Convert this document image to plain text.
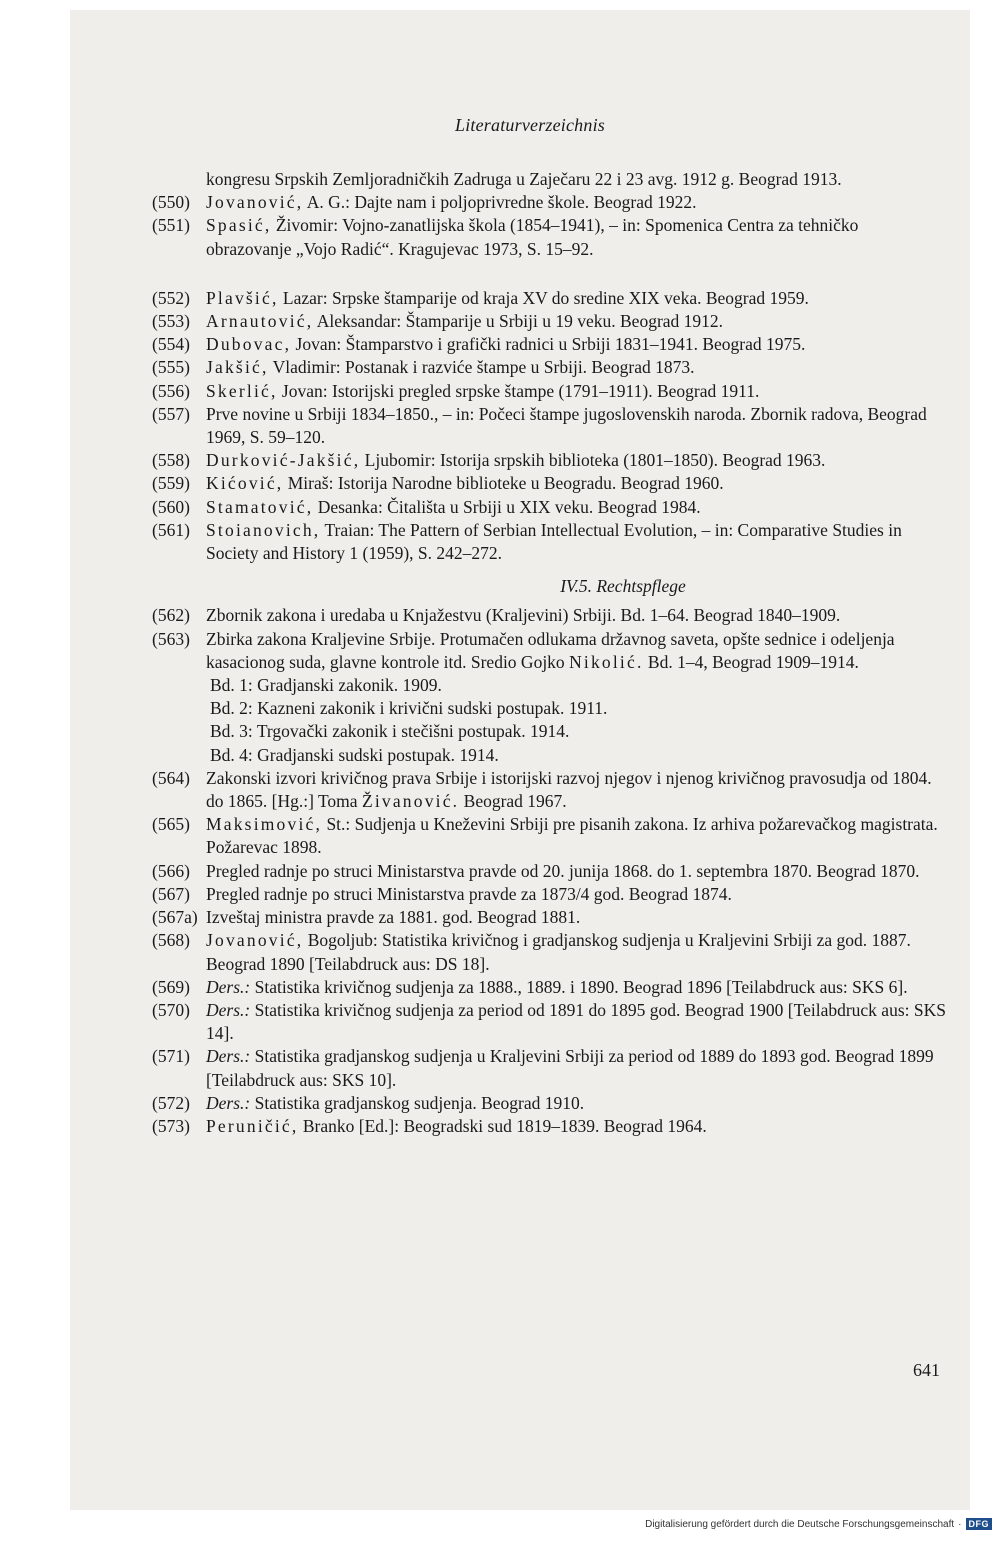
Literaturverzeichnis
kongresu Srpskih Zemljoradničkih Zadruga u Zaječaru 22 i 23 avg. 1912 g. Beograd 1913.
(550) Jovanović, A. G.: Dajte nam i poljoprivredne škole. Beograd 1922.
(551) Spasić, Živomir: Vojno-zanatlijska škola (1854–1941), – in: Spomenica Centra za tehničko obrazovanje „Vojo Radić“. Kragujevac 1973, S. 15–92.
(552) Plavšić, Lazar: Srpske štamparije od kraja XV do sredine XIX veka. Beograd 1959.
(553) Arnautović, Aleksandar: Štamparije u Srbiji u 19 veku. Beograd 1912.
(554) Dubovac, Jovan: Štamparstvo i grafički radnici u Srbiji 1831–1941. Beograd 1975.
(555) Jakšić, Vladimir: Postanak i razviće štampe u Srbiji. Beograd 1873.
(556) Skerlić, Jovan: Istorijski pregled srpske štampe (1791–1911). Beograd 1911.
(557) Prve novine u Srbiji 1834–1850., – in: Počeci štampe jugoslovenskih naroda. Zbornik radova, Beograd 1969, S. 59–120.
(558) Durković-Jakšić, Ljubomir: Istorija srpskih biblioteka (1801–1850). Beograd 1963.
(559) Kićović, Miraš: Istorija Narodne biblioteke u Beogradu. Beograd 1960.
(560) Stamatović, Desanka: Čitališta u Srbiji u XIX veku. Beograd 1984.
(561) Stoianovich, Traian: The Pattern of Serbian Intellectual Evolution, – in: Comparative Studies in Society and History 1 (1959), S. 242–272.
IV.5. Rechtspflege
(562) Zbornik zakona i uredaba u Knjažestvu (Kraljevini) Srbiji. Bd. 1–64. Beograd 1840–1909.
(563) Zbirka zakona Kraljevine Srbije. Protumačen odlukama državnog saveta, opšte sednice i odeljenja kasacionog suda, glavne kontrole itd. Sredio Gojko Nikolić. Bd. 1–4, Beograd 1909–1914.
Bd. 1: Gradjanski zakonik. 1909.
Bd. 2: Kazneni zakonik i krivični sudski postupak. 1911.
Bd. 3: Trgovački zakonik i stečišni postupak. 1914.
Bd. 4: Gradjanski sudski postupak. 1914.
(564) Zakonski izvori krivičnog prava Srbije i istorijski razvoj njegov i njenog krivičnog pravosudja od 1804. do 1865. [Hg.:] Toma Živanović. Beograd 1967.
(565) Maksimović, St.: Sudjenja u Kneževini Srbiji pre pisanih zakona. Iz arhiva požarevačkog magistrata. Požarevac 1898.
(566) Pregled radnje po struci Ministarstva pravde od 20. junija 1868. do 1. septembra 1870. Beograd 1870.
(567) Pregled radnje po struci Ministarstva pravde za 1873/4 god. Beograd 1874.
(567a) Izveštaj ministra pravde za 1881. god. Beograd 1881.
(568) Jovanović, Bogoljub: Statistika krivičnog i gradjanskog sudjenja u Kraljevini Srbiji za god. 1887. Beograd 1890 [Teilabdruck aus: DS 18].
(569) Ders.: Statistika krivičnog sudjenja za 1888., 1889. i 1890. Beograd 1896 [Teilabdruck aus: SKS 6].
(570) Ders.: Statistika krivičnog sudjenja za period od 1891 do 1895 god. Beograd 1900 [Teilabdruck aus: SKS 14].
(571) Ders.: Statistika gradjanskog sudjenja u Kraljevini Srbiji za period od 1889 do 1893 god. Beograd 1899 [Teilabdruck aus: SKS 10].
(572) Ders.: Statistika gradjanskog sudjenja. Beograd 1910.
(573) Peruničić, Branko [Ed.]: Beogradski sud 1819–1839. Beograd 1964.
641
Digitalisierung gefördert durch die Deutsche Forschungsgemeinschaft · DFG
